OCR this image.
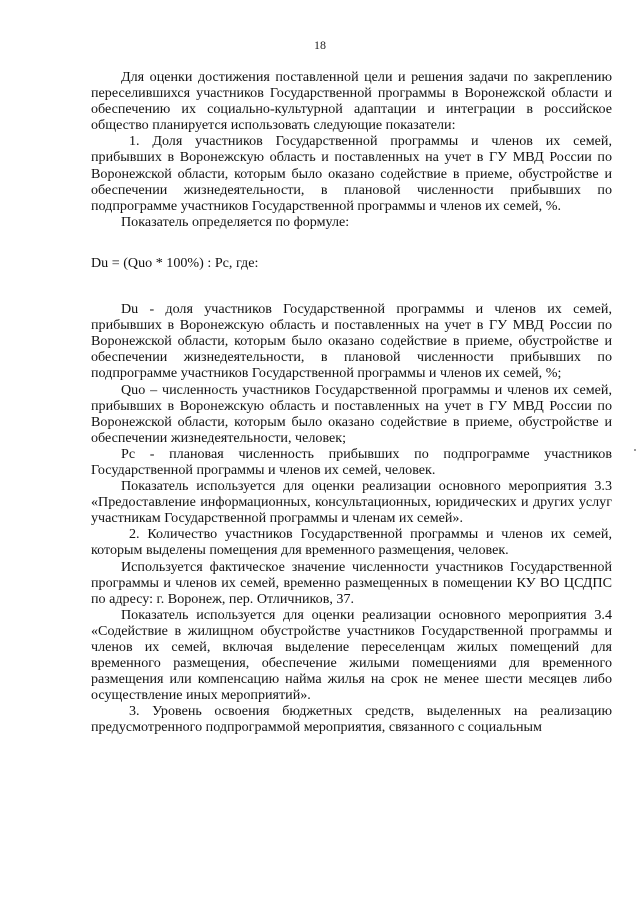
18

Для оценки достижения поставленной цели и решения задачи по закреплению переселившихся участников Государственной программы в Воронежской области и обеспечению их социально-культурной адаптации и интеграции в российское общество планируется использовать следующие показатели:

1. Доля участников Государственной программы и членов их семей, прибывших в Воронежскую область и поставленных на учет в ГУ МВД России по Воронежской области, которым было оказано содействие в приеме, обустройстве и обеспечении жизнедеятельности, в плановой численности прибывших по подпрограмме участников Государственной программы и членов их семей, %.

Показатель определяется по формуле:

Du = (Quo * 100%) : Pc, где:

Du - доля участников Государственной программы и членов их семей, прибывших в Воронежскую область и поставленных на учет в ГУ МВД России по Воронежской области, которым было оказано содействие в приеме, обустройстве и обеспечении жизнедеятельности, в плановой численности прибывших по подпрограмме участников Государственной программы и членов их семей, %;

Quo – численность участников Государственной программы и членов их семей, прибывших в Воронежскую область и поставленных на учет в ГУ МВД России по Воронежской области, которым было оказано содействие в приеме, обустройстве и обеспечении жизнедеятельности, человек;

Pc - плановая численность прибывших по подпрограмме участников Государственной программы и членов их семей, человек.

Показатель используется для оценки реализации основного мероприятия 3.3 «Предоставление информационных, консультационных, юридических и других услуг участникам Государственной программы и членам их семей».

2. Количество участников Государственной программы и членов их семей, которым выделены помещения для временного размещения, человек.

Используется фактическое значение численности участников Государственной программы и членов их семей, временно размещенных в помещении КУ ВО ЦСДПС по адресу: г. Воронеж, пер. Отличников, 37.

Показатель используется для оценки реализации основного мероприятия 3.4 «Содействие в жилищном обустройстве участников Государственной программы и членов их семей, включая выделение переселенцам жилых помещений для временного размещения, обеспечение жилыми помещениями для временного размещения или компенсацию найма жилья на срок не менее шести месяцев либо осуществление иных мероприятий».

3. Уровень освоения бюджетных средств, выделенных на реализацию предусмотренного подпрограммой мероприятия, связанного с социальным
